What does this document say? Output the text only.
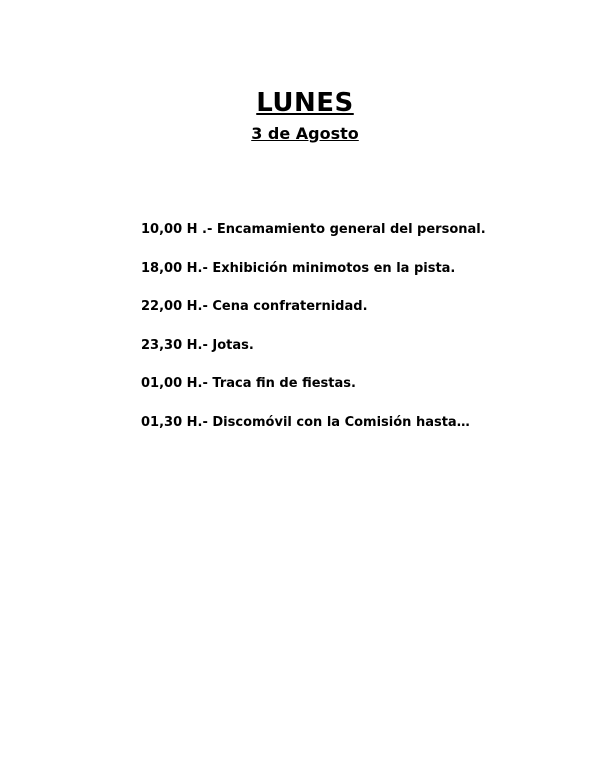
LUNES
3 de Agosto
10,00 H .- Encamamiento general del personal.
18,00 H.- Exhibición minimotos en la pista.
22,00 H.- Cena confraternidad.
23,30 H.- Jotas.
01,00 H.- Traca fin de fiestas.
01,30 H.- Discomóvil con la Comisión hasta…
